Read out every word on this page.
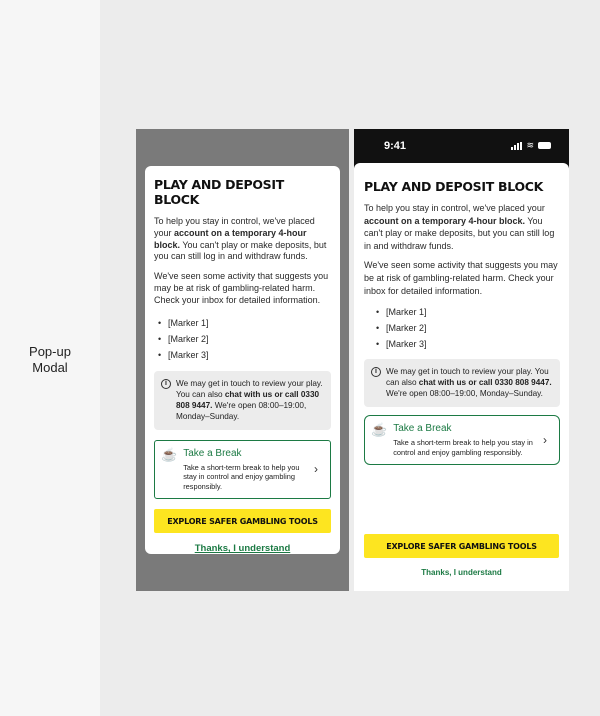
Pop-up
Modal
PLAY AND DEPOSIT BLOCK

To help you stay in control, we've placed your account on a temporary 4-hour block. You can't play or make deposits, but you can still log in and withdraw funds.

We've seen some activity that suggests you may be at risk of gambling-related harm. Check your inbox for detailed information.

• [Marker 1]
• [Marker 2]
• [Marker 3]
i	We may get in touch to review your play. You can also chat with us or call 0330 808 9447. We're open 08:00–19:00, Monday–Sunday.
☕ Take a Break
Take a short-term break to help you stay in control and enjoy gambling responsibly.
›
EXPLORE SAFER GAMBLING TOOLS
Thanks, I understand
9:41	≋
PLAY AND DEPOSIT BLOCK

To help you stay in control, we've placed your account on a temporary 4-hour block. You can't play or make deposits, but you can still log in and withdraw funds.

We've seen some activity that suggests you may be at risk of gambling-related harm. Check your inbox for detailed information.

• [Marker 1]
• [Marker 2]
• [Marker 3]
i	We may get in touch to review your play. You can also chat with us or call 0330 808 9447. We're open 08:00–19:00, Monday–Sunday.
☕ Take a Break
Take a short-term break to help you stay in control and enjoy gambling responsibly.
›
EXPLORE SAFER GAMBLING TOOLS
Thanks, I understand
